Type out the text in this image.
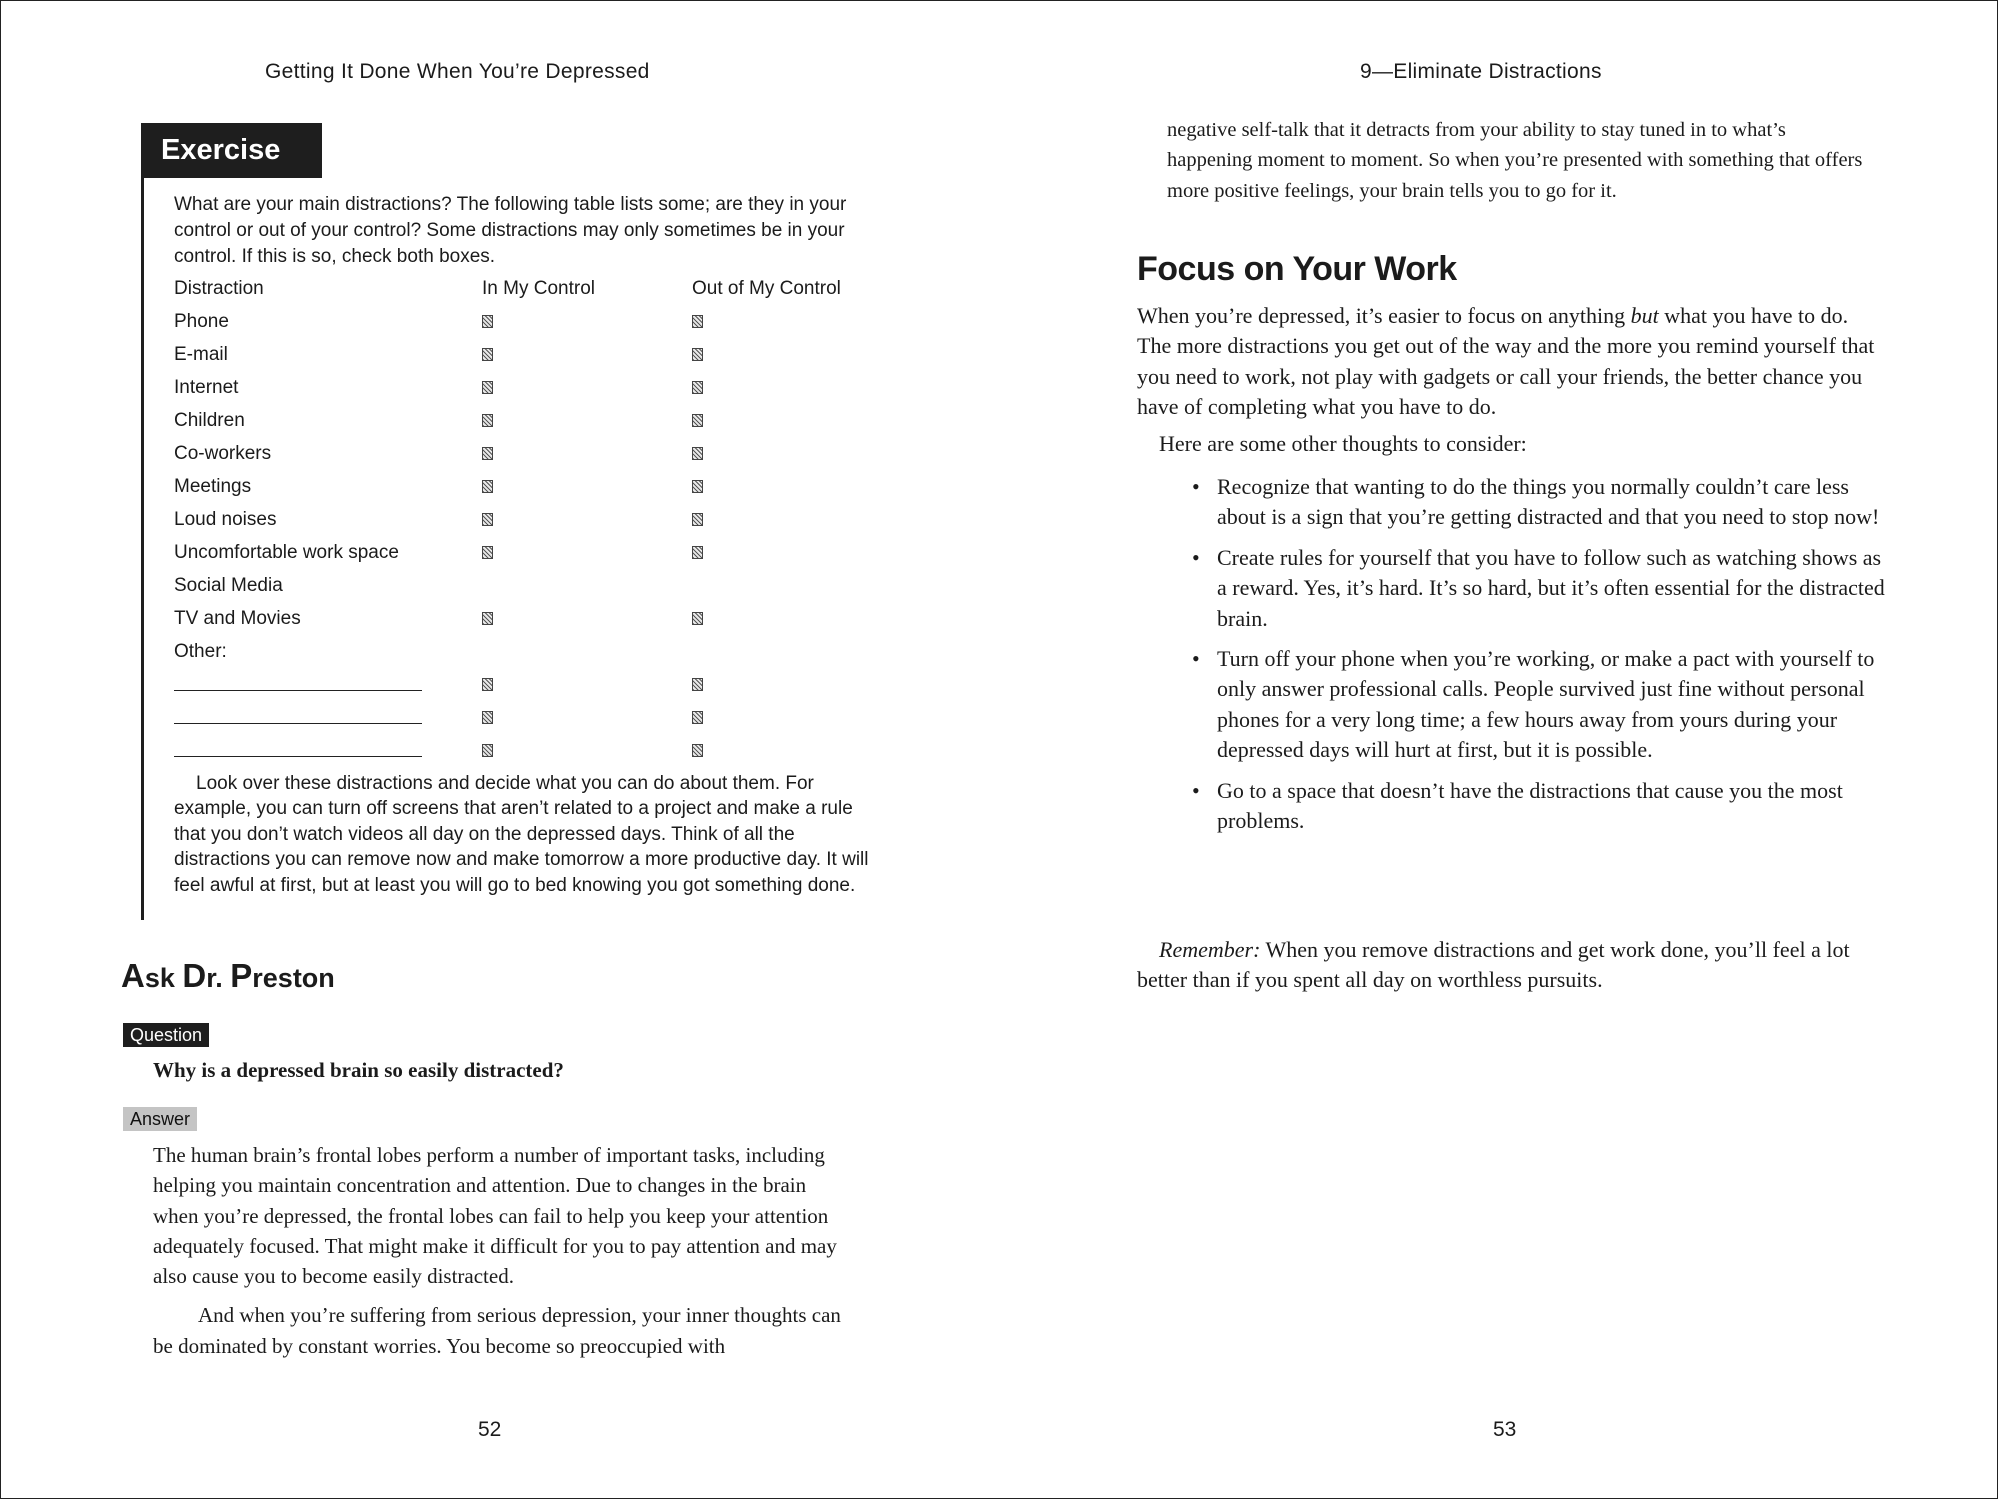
Getting It Done When You’re Depressed
Exercise
What are your main distractions? The following table lists some; are they in your control or out of your control? Some distractions may only sometimes be in your control. If this is so, check both boxes.
Distraction	In My Control	Out of My Control
Phone
E-mail
Internet
Children
Co-workers
Meetings
Loud noises
Uncomfortable work space
Social Media
TV and Movies
Other:
Look over these distractions and decide what you can do about them. For example, you can turn off screens that aren’t related to a project and make a rule that you don’t watch videos all day on the depressed days. Think of all the distractions you can remove now and make tomorrow a more productive day. It will feel awful at first, but at least you will go to bed knowing you got something done.
Ask Dr. Preston
Question
Why is a depressed brain so easily distracted?
Answer

The human brain’s frontal lobes perform a number of important tasks, including helping you maintain concentration and attention. Due to changes in the brain when you’re depressed, the frontal lobes can fail to help you keep your attention adequately focused. That might make it difficult for you to pay attention and may also cause you to become easily distracted.

And when you’re suffering from serious depression, your inner thoughts can be dominated by constant worries. You become so preoccupied with

52
9—Eliminate Distractions
negative self-talk that it detracts from your ability to stay tuned in to what’s happening moment to moment. So when you’re presented with something that offers more positive feelings, your brain tells you to go for it.
Focus on Your Work
When you’re depressed, it’s easier to focus on anything but what you have to do. The more distractions you get out of the way and the more you remind yourself that you need to work, not play with gadgets or call your friends, the better chance you have of completing what you have to do.
Here are some other thoughts to consider:
• Recognize that wanting to do the things you normally couldn’t care less about is a sign that you’re getting distracted and that you need to stop now!
• Create rules for yourself that you have to follow such as watching shows as a reward. Yes, it’s hard. It’s so hard, but it’s often essential for the distracted brain.
• Turn off your phone when you’re working, or make a pact with yourself to only answer professional calls. People survived just fine without personal phones for a very long time; a few hours away from yours during your depressed days will hurt at first, but it is possible.
• Go to a space that doesn’t have the distractions that cause you the most problems.
Remember: When you remove distractions and get work done, you’ll feel a lot better than if you spent all day on worthless pursuits.
53
